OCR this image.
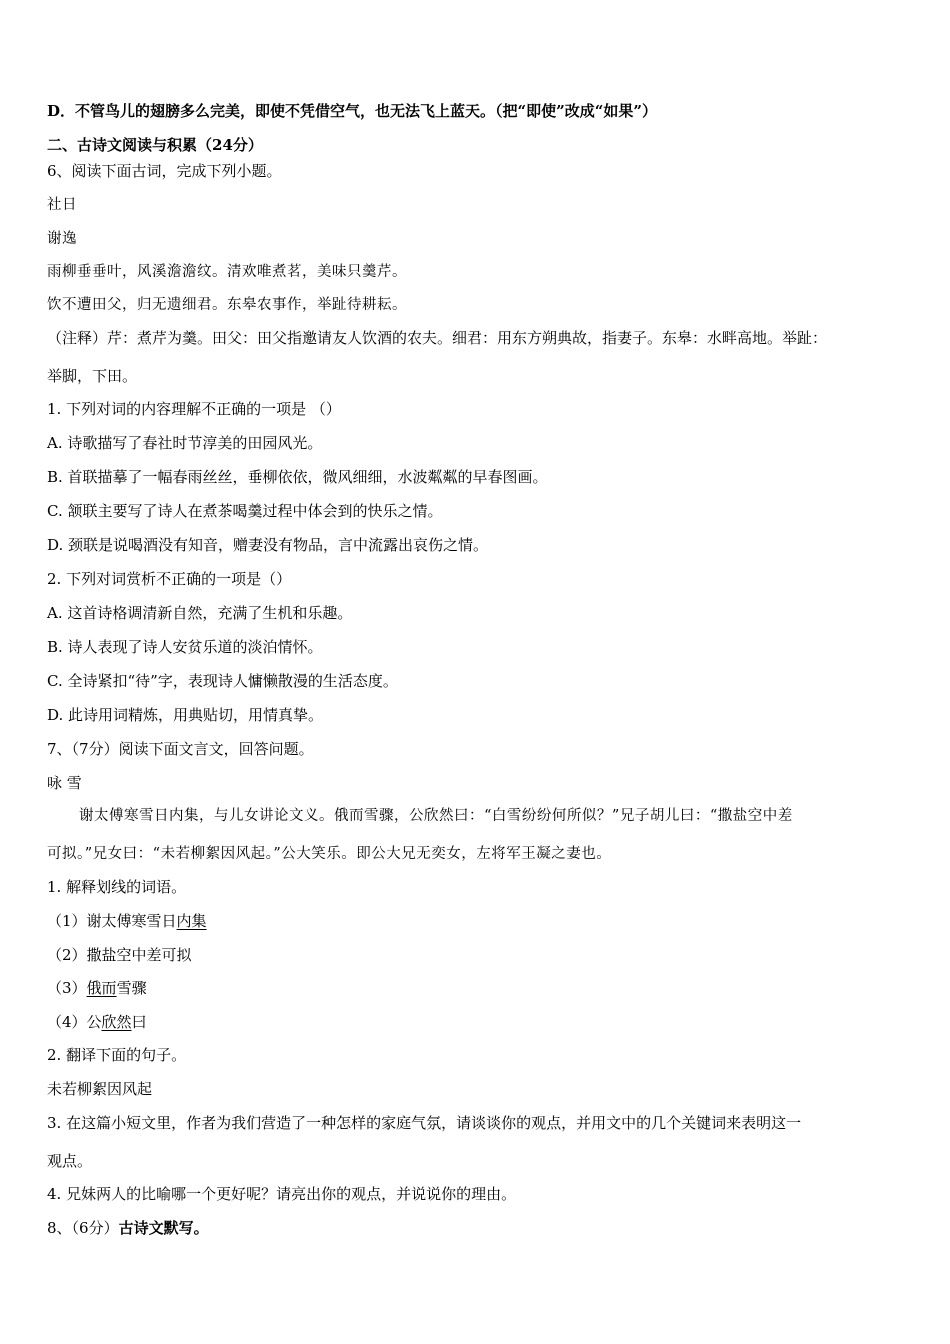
D．不管鸟儿的翅膀多么完美，即使不凭借空气，也无法飞上蓝天。（把“即使”改成“如果”）
二、古诗文阅读与积累（24分）
6、阅读下面古词，完成下列小题。
社日
谢逸
雨柳垂垂叶，风溪澹澹纹。清欢唯煮茗，美味只羹芹。
饮不遭田父，归无遗细君。东皋农事作，举趾待耕耘。
（注释）芹：煮芹为羹。田父：田父指邀请友人饮酒的农夫。细君：用东方朔典故，指妻子。东皋：水畔高地。举趾：
举脚，下田。
1. 下列对词的内容理解不正确的一项是 （）
A. 诗歌描写了春社时节淳美的田园风光。
B. 首联描摹了一幅春雨丝丝，垂柳依依，微风细细，水波粼粼的早春图画。
C. 颔联主要写了诗人在煮茶喝羹过程中体会到的快乐之情。
D. 颈联是说喝酒没有知音，赠妻没有物品，言中流露出哀伤之情。
2. 下列对词赏析不正确的一项是（）
A. 这首诗格调清新自然，充满了生机和乐趣。
B. 诗人表现了诗人安贫乐道的淡泊情怀。
C. 全诗紧扣“待”字，表现诗人慵懒散漫的生活态度。
D. 此诗用词精炼，用典贴切，用情真挚。
7、（7分）阅读下面文言文，回答问题。
咏 雪
谢太傅寒雪日内集，与儿女讲论文义。俄而雪骤，公欣然曰：“白雪纷纷何所似？”兄子胡儿曰：“撒盐空中差
可拟。”兄女曰：“未若柳絮因风起。”公大笑乐。即公大兄无奕女，左将军王凝之妻也。
1. 解释划线的词语。
（1）谢太傅寒雪日内集
（2）撒盐空中差可拟
（3）俄而雪骤
（4）公欣然曰
2. 翻译下面的句子。
未若柳絮因风起
3. 在这篇小短文里，作者为我们营造了一种怎样的家庭气氛，请谈谈你的观点，并用文中的几个关键词来表明这一
观点。
4. 兄妹两人的比喻哪一个更好呢？请亮出你的观点，并说说你的理由。
8、（6分）古诗文默写。
